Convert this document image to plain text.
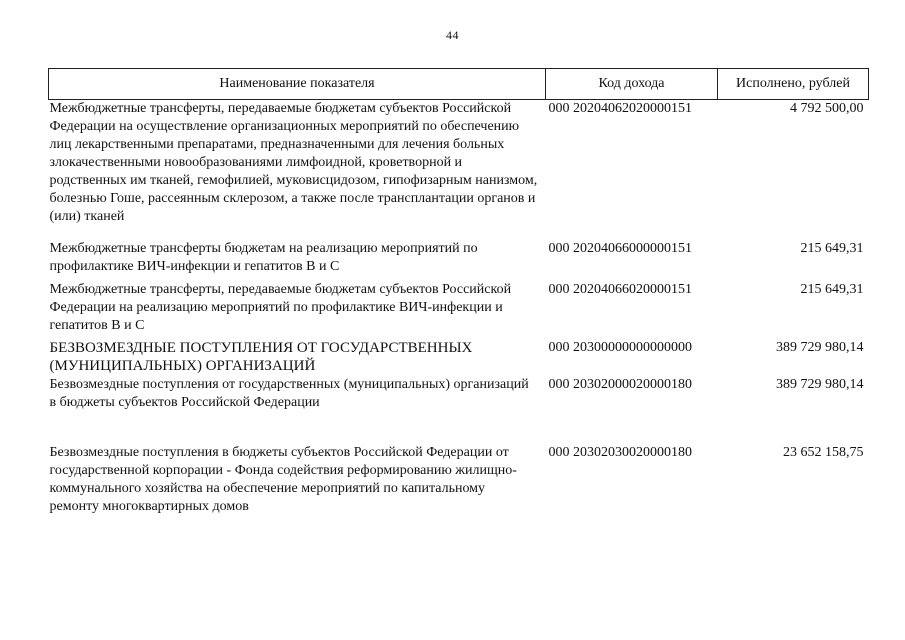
44
Наименование показателя	Код дохода	Исполнено, рублей
Межбюджетные трансферты, передаваемые бюджетам субъектов Российской Федерации на осуществление организационных мероприятий по обеспечению лиц лекарственными препаратами, предназначенными для лечения больных злокачественными новообразованиями лимфоидной, кроветворной и родственных им тканей, гемофилией, муковисцидозом, гипофизарным нанизмом, болезнью Гоше, рассеянным склерозом, а также после трансплантации органов и (или) тканей	000 20204062020000151	4 792 500,00
Межбюджетные трансферты бюджетам на реализацию мероприятий по профилактике ВИЧ-инфекции и гепатитов В и С	000 20204066000000151	215 649,31
Межбюджетные трансферты, передаваемые бюджетам субъектов Российской Федерации на реализацию мероприятий по профилактике ВИЧ-инфекции и гепатитов В и С	000 20204066020000151	215 649,31
БЕЗВОЗМЕЗДНЫЕ ПОСТУПЛЕНИЯ ОТ ГОСУДАРСТВЕННЫХ (МУНИЦИПАЛЬНЫХ) ОРГАНИЗАЦИЙ	000 20300000000000000	389 729 980,14
Безвозмездные поступления от государственных (муниципальных) организаций в бюджеты субъектов Российской Федерации	000 20302000020000180	389 729 980,14
Безвозмездные поступления в бюджеты субъектов Российской Федерации от государственной корпорации - Фонда содействия реформированию жилищно-коммунального хозяйства на обеспечение мероприятий по капитальному ремонту многоквартирных домов	000 20302030020000180	23 652 158,75
